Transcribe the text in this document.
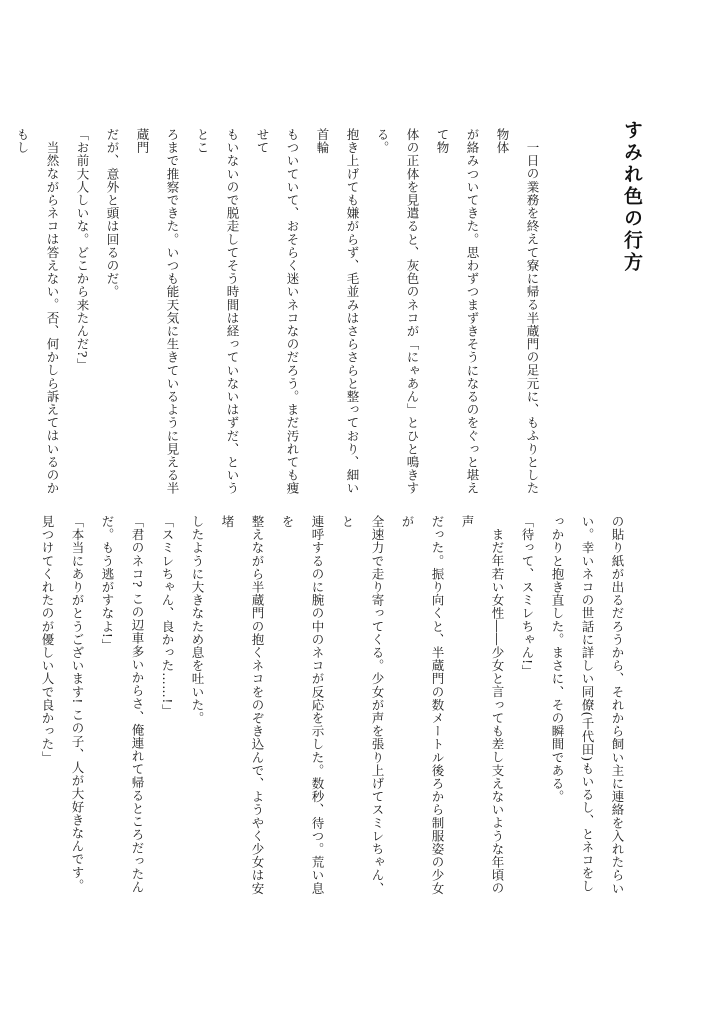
すみれ色の行方

一日の業務を終えて寮に帰る半蔵門の足元に、もふりとした物体
が絡みついてきた。思わずつまずきそうになるのをぐっと堪えて物
体の正体を見遣ると、灰色のネコが「にゃあん」とひと鳴きする。
抱き上げても嫌がらず、毛並みはさらさらと整っており、細い首輪
もついていて、おそらく迷いネコなのだろう。まだ汚れても痩せて
もいないので脱走してそう時間は経っていないはずだ、というとこ
ろまで推察できた。いつも能天気に生きているように見える半蔵門
だが、意外と頭は回るのだ。

「お前大人しいな。どこから来たんだ?」

当然ながらネコは答えない。否、何かしら訴えてはいるのかもし

の貼り紙が出るだろうから、それから飼い主に連絡を入れたらい
い。幸いネコの世話に詳しい同僚(千代田)もいるし、とネコをし
っかりと抱き直した。まさに、その瞬間である。

「待って、スミレちゃん!」

まだ年若い女性――少女と言っても差し支えないような年頃の声
だった。振り向くと、半蔵門の数メートル後ろから制服姿の少女が
全速力で走り寄ってくる。少女が声を張り上げてスミレちゃん、と
連呼するのに腕の中のネコが反応を示した。数秒、待つ。荒い息を
整えながら半蔵門の抱くネコをのぞき込んで、ようやく少女は安堵
したように大きなため息を吐いた。

「スミレちゃん、良かった……!」

「君のネコ? この辺車多いからさ、俺連れて帰るところだったん
だ。もう逃がすなよ!」

「本当にありがとうございます! この子、人が大好きなんです。
見つけてくれたのが優しい人で良かった」
